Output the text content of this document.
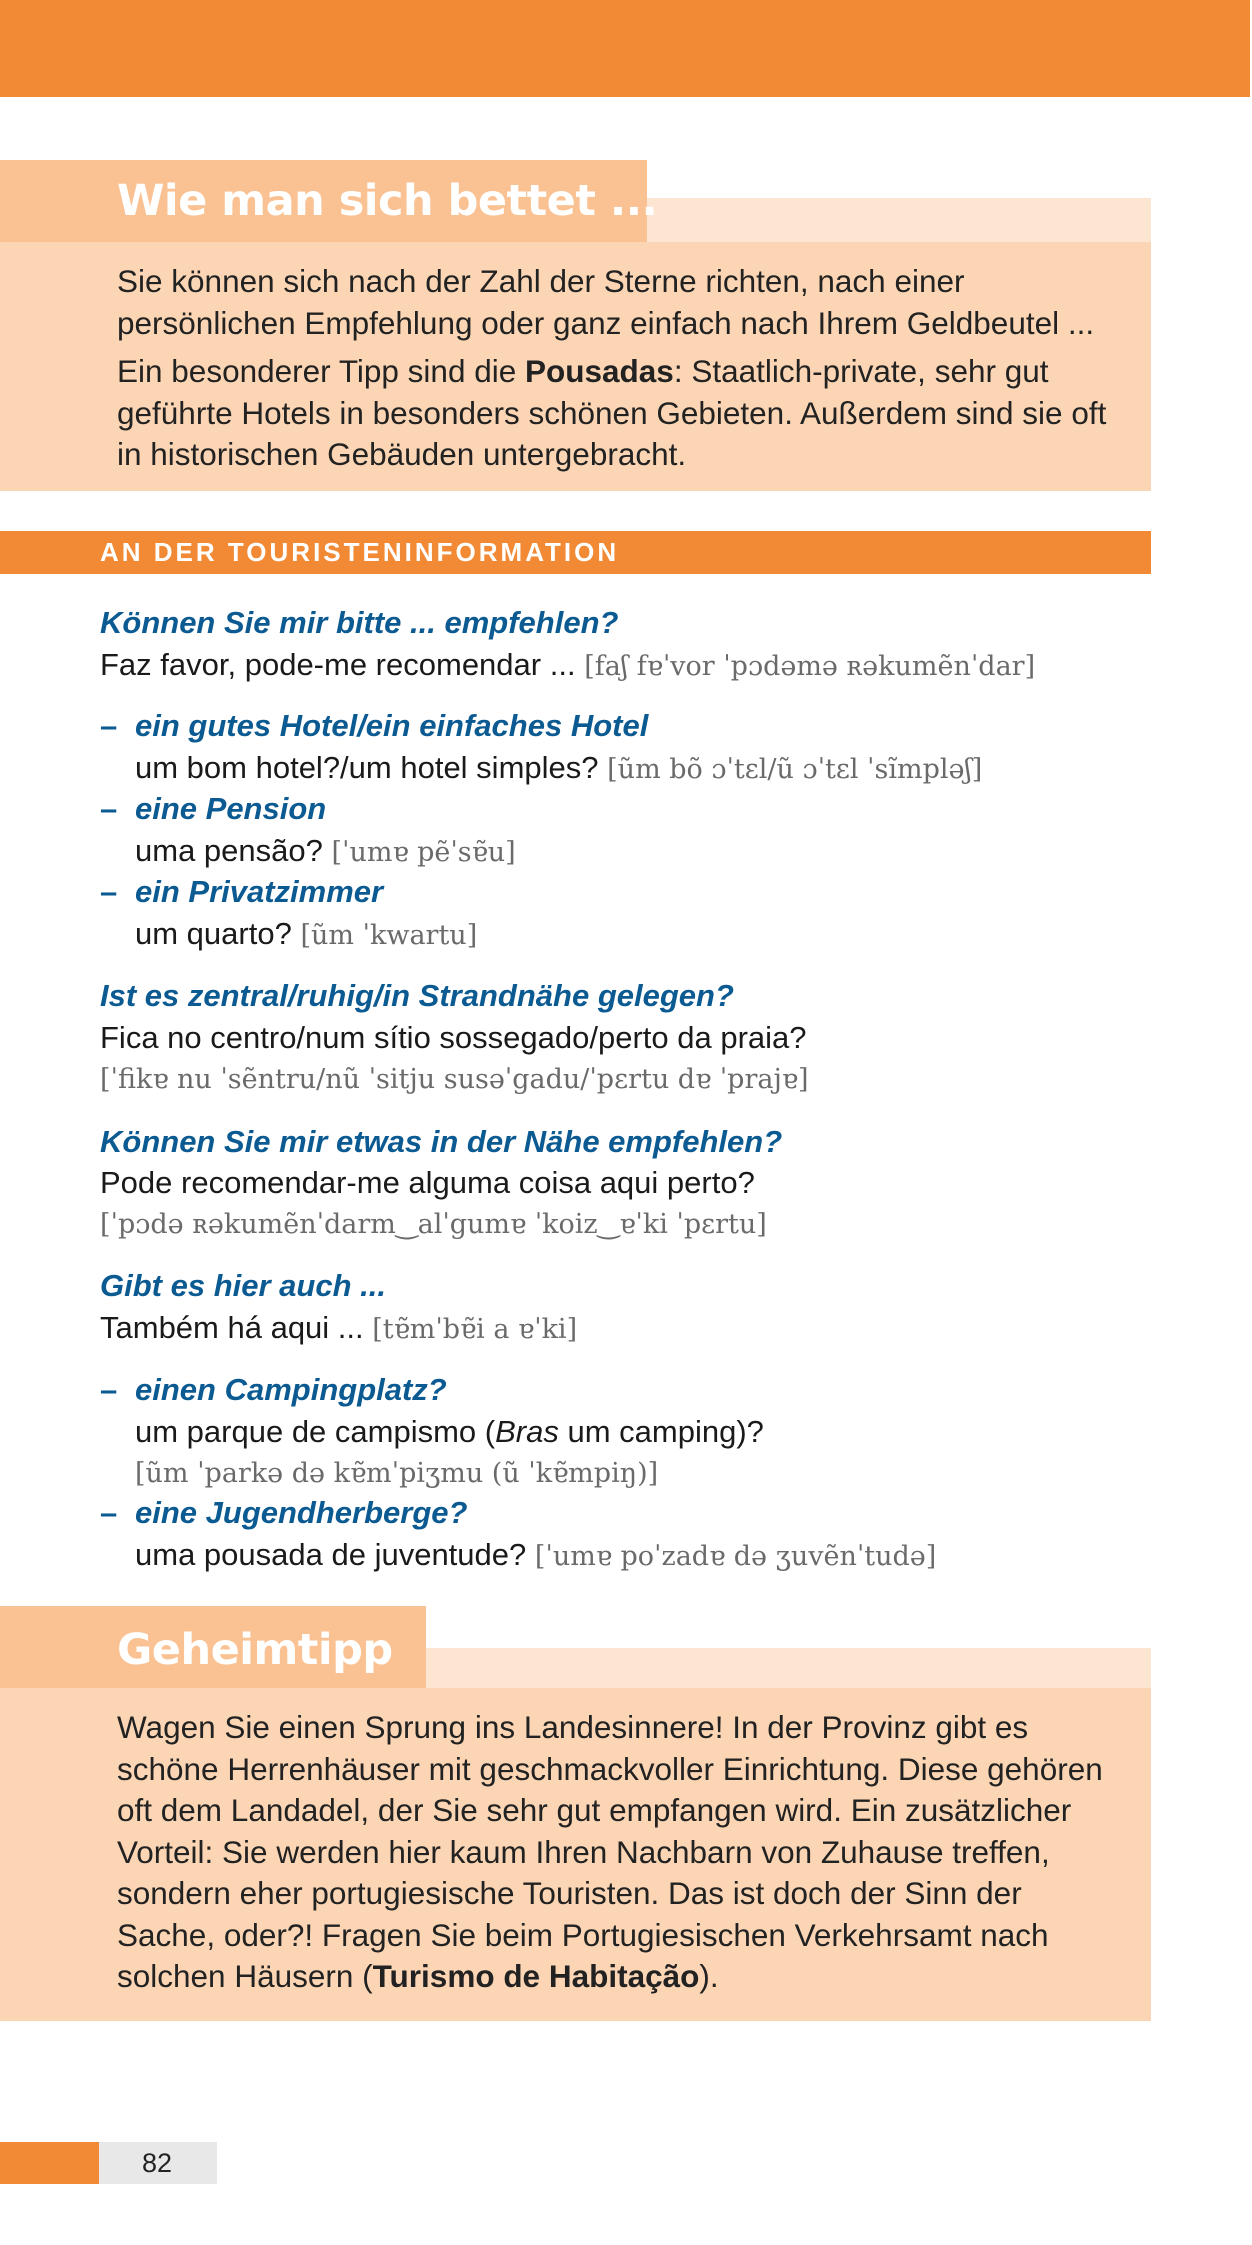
Wie man sich bettet ...

Sie können sich nach der Zahl der Sterne richten, nach einer persönlichen Empfehlung oder ganz einfach nach Ihrem Geldbeutel ...

Ein besonderer Tipp sind die Pousadas: Staatlich-private, sehr gut geführte Hotels in besonders schönen Gebieten. Außerdem sind sie oft in historischen Gebäuden untergebracht.

AN DER TOURISTENINFORMATION
Können Sie mir bitte ... empfehlen?
Faz favor, pode-me recomendar ... [faʃ fɐˈvor ˈpɔdəmə ʀəkumẽnˈdar]
– ein gutes Hotel/ein einfaches Hotel
um bom hotel?/um hotel simples? [ũm bõ ɔˈtɛl/ũ ɔˈtɛl ˈsĩmpləʃ]
– eine Pension
uma pensão? [ˈumɐ pẽˈsɐ̃u]
– ein Privatzimmer
um quarto? [ũm ˈkwartu]
Ist es zentral/ruhig/in Strandnähe gelegen?
Fica no centro/num sítio sossegado/perto da praia?
[ˈfikɐ nu ˈsẽntru/nũ ˈsitju susəˈgadu/ˈpɛrtu dɐ ˈprajɐ]
Können Sie mir etwas in der Nähe empfehlen?
Pode recomendar-me alguma coisa aqui perto?
[ˈpɔdə ʀəkumẽnˈdarm‿alˈgumɐ ˈkoiz‿ɐˈki ˈpɛrtu]
Gibt es hier auch ...
Também há aqui ... [tɐ̃mˈbɐ̃i a ɐˈki]
– einen Campingplatz?
um parque de campismo (Bras um camping)?
[ũm ˈparkə də kɐ̃mˈpiʒmu (ũ ˈkɐ̃mpiŋ)]
– eine Jugendherberge?
uma pousada de juventude? [ˈumɐ poˈzadɐ də ʒuvẽnˈtudə]
Geheimtipp

Wagen Sie einen Sprung ins Landesinnere! In der Provinz gibt es schöne Herrenhäuser mit geschmackvoller Einrichtung. Diese gehören oft dem Landadel, der Sie sehr gut empfangen wird. Ein zusätzlicher Vorteil: Sie werden hier kaum Ihren Nachbarn von Zuhause treffen, sondern eher portugiesische Touristen. Das ist doch der Sinn der Sache, oder?! Fragen Sie beim Portugiesischen Verkehrsamt nach solchen Häusern (Turismo de Habitação).

82
